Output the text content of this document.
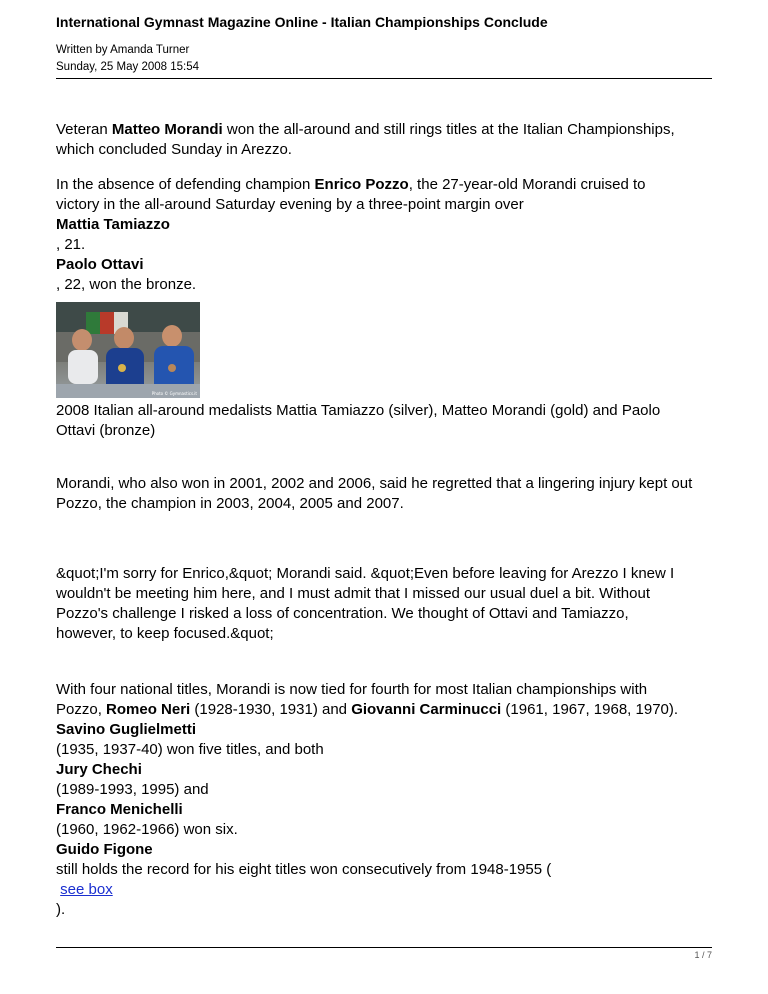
International Gymnast Magazine Online - Italian Championships Conclude
Written by Amanda Turner
Sunday, 25 May 2008 15:54
Veteran Matteo Morandi won the all-around and still rings titles at the Italian Championships,
which concluded Sunday in Arezzo.
In the absence of defending champion Enrico Pozzo, the 27-year-old Morandi cruised to
victory in the all-around Saturday evening by a three-point margin over
Mattia Tamiazzo
, 21.
Paolo Ottavi
, 22, won the bronze.
2008 Italian all-around medalists Mattia Tamiazzo (silver), Matteo Morandi (gold) and Paolo
Ottavi (bronze)
Morandi, who also won in 2001, 2002 and 2006, said he regretted that a lingering injury kept out
Pozzo, the champion in 2003, 2004, 2005 and 2007.
&quot;I'm sorry for Enrico,&quot; Morandi said. &quot;Even before leaving for Arezzo I knew I
wouldn't be meeting him here, and I must admit that I missed our usual duel a bit. Without
Pozzo's challenge I risked a loss of concentration. We thought of Ottavi and Tamiazzo,
however, to keep focused.&quot;
With four national titles, Morandi is now tied for fourth for most Italian championships with
Pozzo, Romeo Neri (1928-1930, 1931) and Giovanni Carminucci (1961, 1967, 1968, 1970).
Savino Guglielmetti
(1935, 1937-40) won five titles, and both
Jury Chechi
(1989-1993, 1995) and
Franco Menichelli
(1960, 1962-1966) won six.
Guido Figone
still holds the record for his eight titles won consecutively from 1948-1955 (
see box
).
Photo © Gymnastics.it
1 / 7
